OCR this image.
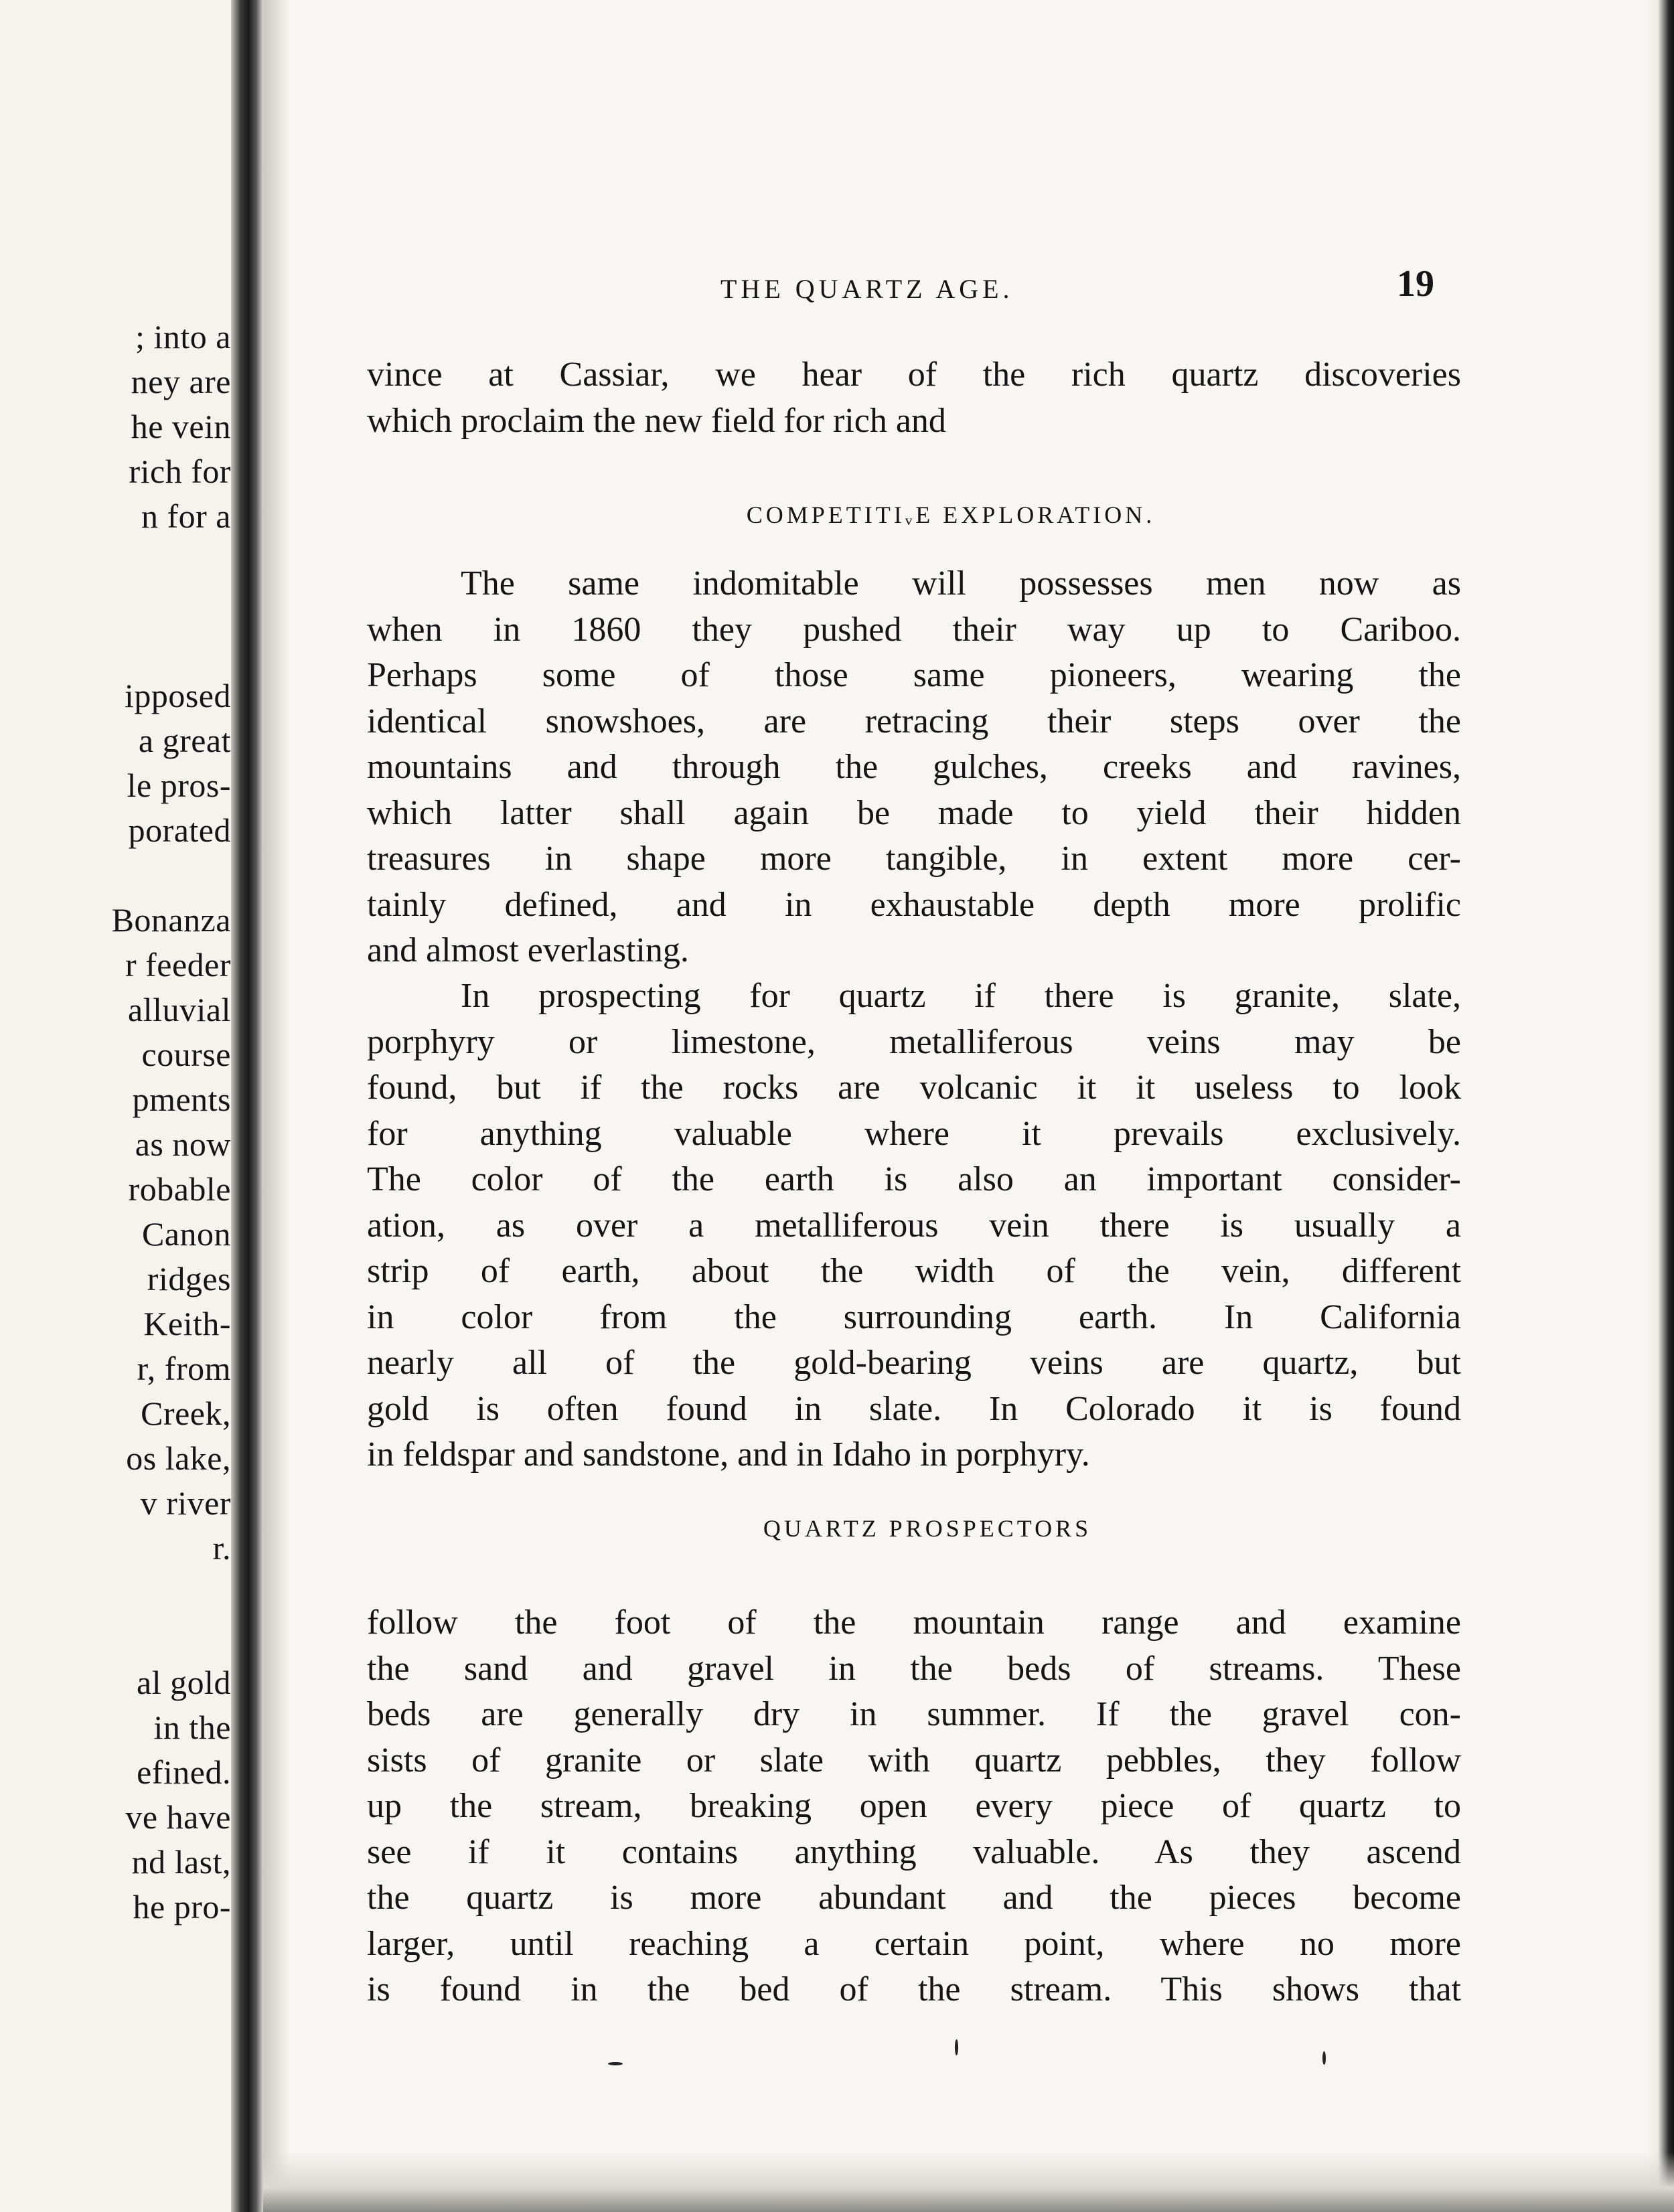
; into a
ney are
he vein
rich for
n for a
ipposed
a great
le pros-
porated
Bonanza
r feeder
alluvial
course
pments
as now
robable
Canon
ridges
Keith-
r, from
Creek,
os lake,
v river
r.
al gold
in the
efined.
ve have
nd last,
he pro-
THE QUARTZ AGE.	19
vince at Cassiar, we hear of the rich quartz discoveries
which proclaim the new field for rich and
COMPETITIᵥE EXPLORATION.
The same indomitable will possesses men now as
when in 1860 they pushed their way up to Cariboo.
Perhaps some of those same pioneers, wearing the
identical snowshoes, are retracing their steps over the
mountains and through the gulches, creeks and ravines,
which latter shall again be made to yield their hidden
treasures in shape more tangible, in extent more cer-
tainly defined, and in exhaustable depth more prolific
and almost everlasting.
In prospecting for quartz if there is granite, slate,
porphyry or limestone, metalliferous veins may be
found, but if the rocks are volcanic it it useless to look
for anything valuable where it prevails exclusively.
The color of the earth is also an important consider-
ation, as over a metalliferous vein there is usually a
strip of earth, about the width of the vein, different
in color from the surrounding earth. In California
nearly all of the gold-bearing veins are quartz, but
gold is often found in slate. In Colorado it is found
in feldspar and sandstone, and in Idaho in porphyry.
QUARTZ PROSPECTORS
follow the foot of the mountain range and examine
the sand and gravel in the beds of streams. These
beds are generally dry in summer. If the gravel con-
sists of granite or slate with quartz pebbles, they follow
up the stream, breaking open every piece of quartz to
see if it contains anything valuable. As they ascend
the quartz is more abundant and the pieces become
larger, until reaching a certain point, where no more
is found in the bed of the stream. This shows that
